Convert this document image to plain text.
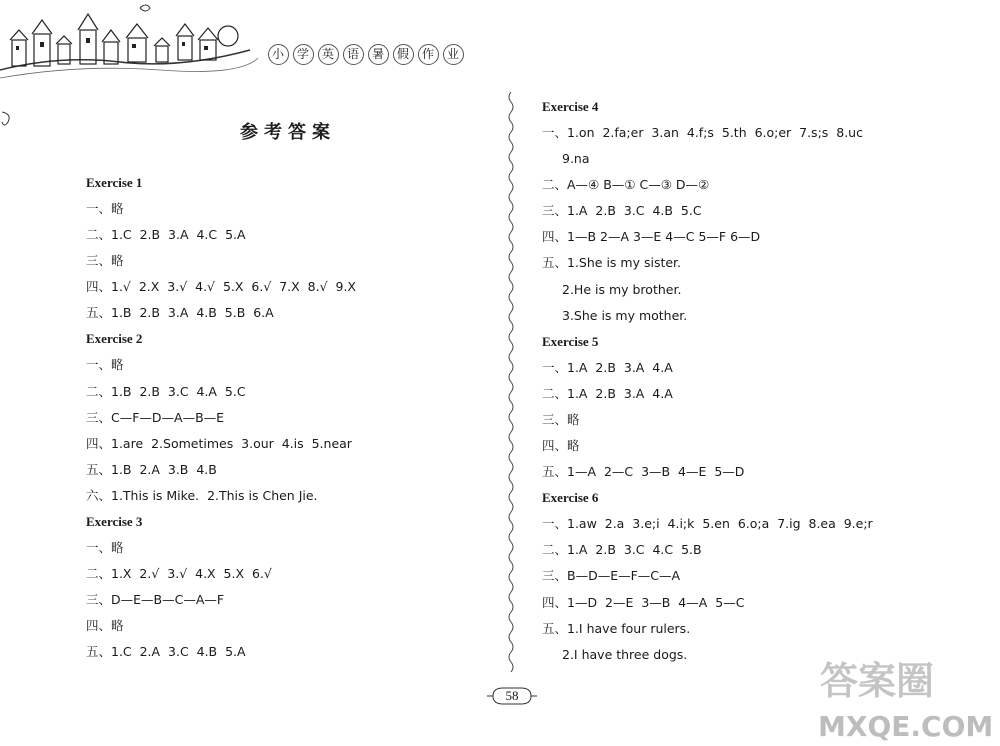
小 学 英 语 暑 假 作 业
参考答案
Exercise 1
一、略
二、1.C  2.B  3.A  4.C  5.A
三、略
四、1.√  2.X  3.√  4.√  5.X  6.√  7.X  8.√  9.X
五、1.B  2.B  3.A  4.B  5.B  6.A
Exercise 2
一、略
二、1.B  2.B  3.C  4.A  5.C
三、C—F—D—A—B—E
四、1.are  2.Sometimes  3.our  4.is  5.near
五、1.B  2.A  3.B  4.B
六、1.This is Mike.  2.This is Chen Jie.
Exercise 3
一、略
二、1.X  2.√  3.√  4.X  5.X  6.√
三、D—E—B—C—A—F
四、略
五、1.C  2.A  3.C  4.B  5.A
Exercise 4
一、1.on  2.fa;er  3.an  4.f;s  5.th  6.o;er  7.s;s  8.uc
9.na
二、A—④ B—① C—③ D—②
三、1.A  2.B  3.C  4.B  5.C
四、1—B 2—A 3—E 4—C 5—F 6—D
五、1.She is my sister.
2.He is my brother.
3.She is my mother.
Exercise 5
一、1.A  2.B  3.A  4.A
二、1.A  2.B  3.A  4.A
三、略
四、略
五、1—A  2—C  3—B  4—E  5—D
Exercise 6
一、1.aw  2.a  3.e;i  4.i;k  5.en  6.o;a  7.ig  8.ea  9.e;r
二、1.A  2.B  3.C  4.C  5.B
三、B—D—E—F—C—A
四、1—D  2—E  3—B  4—A  5—C
五、1.I have four rulers.
2.I have three dogs.
58	答案圈
MXQE.COM
